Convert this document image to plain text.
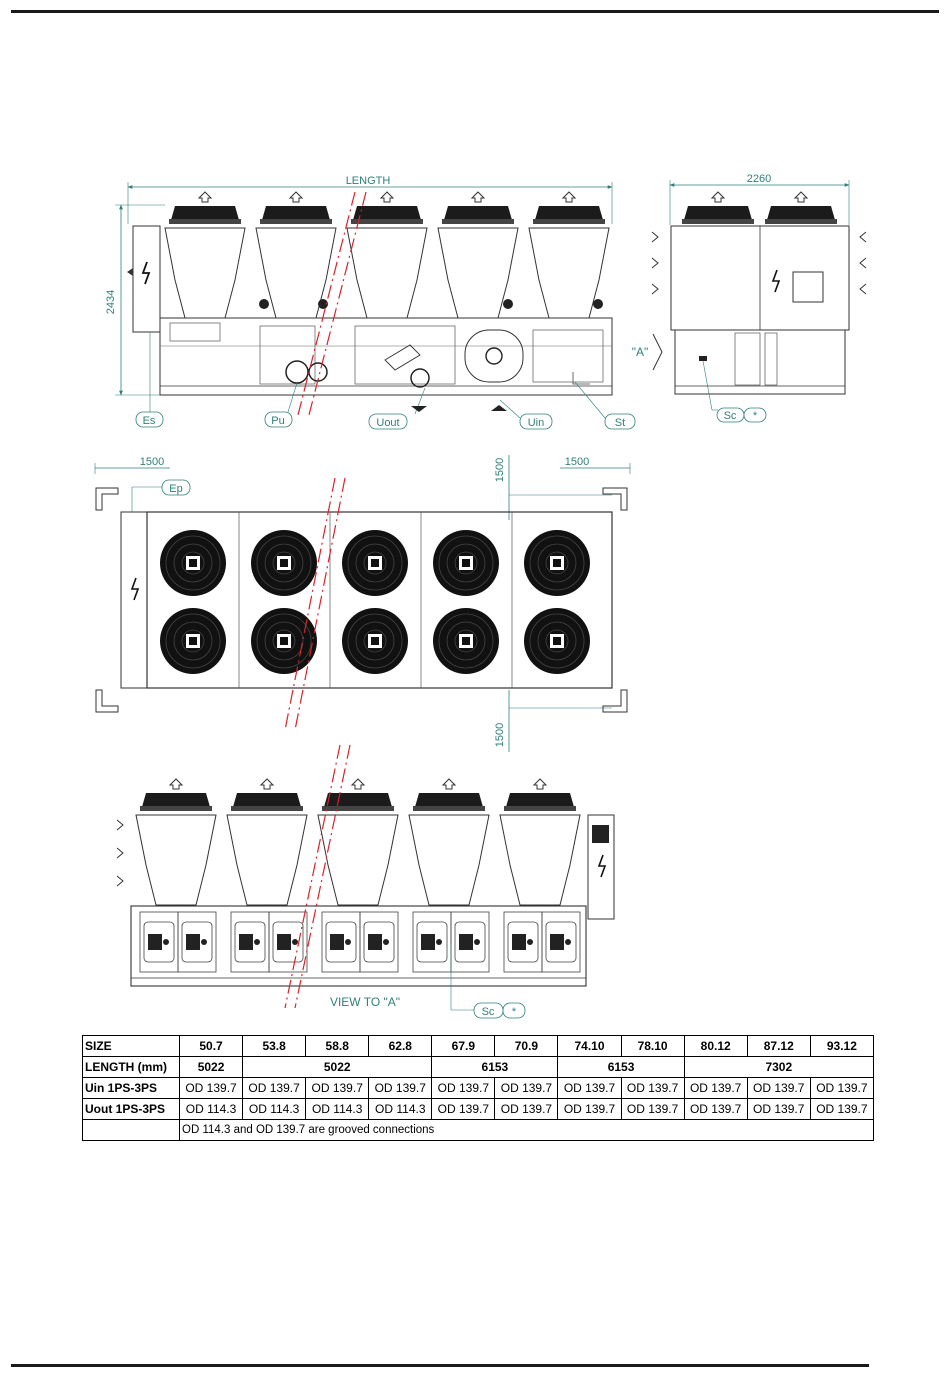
LENGTH
2434
Es	Pu	Uout	Uin	St
2260
"A"
Sc *
1500	1500
1500
1500
Ep
VIEW TO "A"
Sc *
SIZE	50.7	53.8	58.8	62.8	67.9	70.9	74.10	78.10	80.12	87.12	93.12
LENGTH (mm)	5022	5022			6153		6153		7302		
Uin 1PS-3PS	OD 139.7	OD 139.7	OD 139.7	OD 139.7	OD 139.7	OD 139.7	OD 139.7	OD 139.7	OD 139.7	OD 139.7	OD 139.7
Uout 1PS-3PS	OD 114.3	OD 114.3	OD 114.3	OD 114.3	OD 139.7	OD 139.7	OD 139.7	OD 139.7	OD 139.7	OD 139.7	OD 139.7
	OD 114.3 and OD 139.7 are grooved connections										
